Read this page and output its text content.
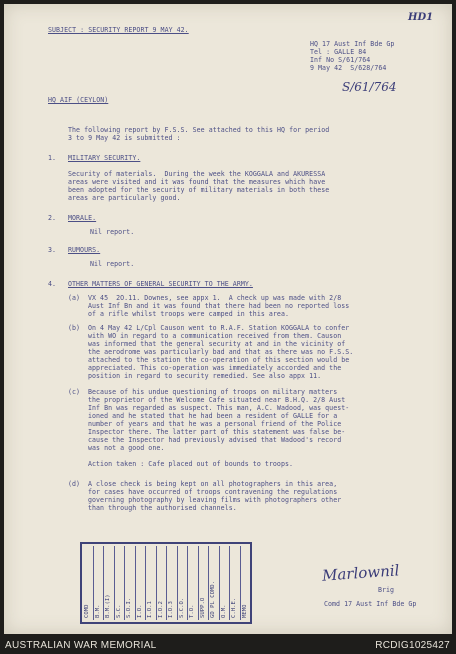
HD1
SUBJECT : SECURITY REPORT 9 MAY 42.
HQ 17 Aust Inf Bde Gp
Tel : GALLE 84
Inf No S/61/764
9 May 42  S/628/764
S/61/764
HQ AIF (CEYLON)
The following report by F.S.S. See attached to this HQ for period
3 to 9 May 42 is submitted :
1. MILITARY SECURITY.
Security of materials.  During the week the KOGGALA and AKURESSA
areas were visited and it was found that the measures which have
been adopted for the security of military materials in both these
areas are particularly good.
2. MORALE.
Nil report.
3. RUMOURS.
Nil report.
4. OTHER MATTERS OF GENERAL SECURITY TO THE ARMY.
(a) VX 45  2O.11. Downes, see appx 1.  A check up was made with 2/8
Aust Inf Bn and it was found that there had been no reported loss
of a rifle whilst troops were camped in this area.
(b) On 4 May 42 L/Cpl Causon went to R.A.F. Station KOGGALA to confer
with WO in regard to a communication received from them. Causon
was informed that the general security at and in the vicinity of
the aerodrome was particularly bad and that as there was no F.S.S.
attached to the station the co-operation of this section would be
appreciated. This co-operation was immediately accorded and the
position in regard to security remedied. See also appx 11.
(c) Because of his undue questioning of troops on military matters
the proprietor of the Welcome Cafe situated near B.H.Q. 2/8 Aust
Inf Bn was regarded as suspect. This man, A.C. Wadood, was quest-
ioned and he stated that he had been a resident of GALLE for a
number of years and that he was a personal friend of the Police
Inspector there. The latter part of this statement was false be-
cause the Inspector had previously advised that Wadood's record
was not a good one.
Action taken : Cafe placed out of bounds to troops.
(d) A close check is being kept on all photographers in this area,
for cases have occurred of troops contravening the regulations
governing photography by leaving films with photographers other
than through the authorised channels.
Marlownil
Brig
Comd 17 Aust Inf Bde Gp
COMD B.M. B.M.(I) S.C. S.O.I. I.O. I.O.1 I.O.2 I.O.3 S.C.O. T.O. SUPP.O GD PL COMD. O.M. C.H.E. MEMO
AUSTRALIAN WAR MEMORIAL	RCDIG1025427
